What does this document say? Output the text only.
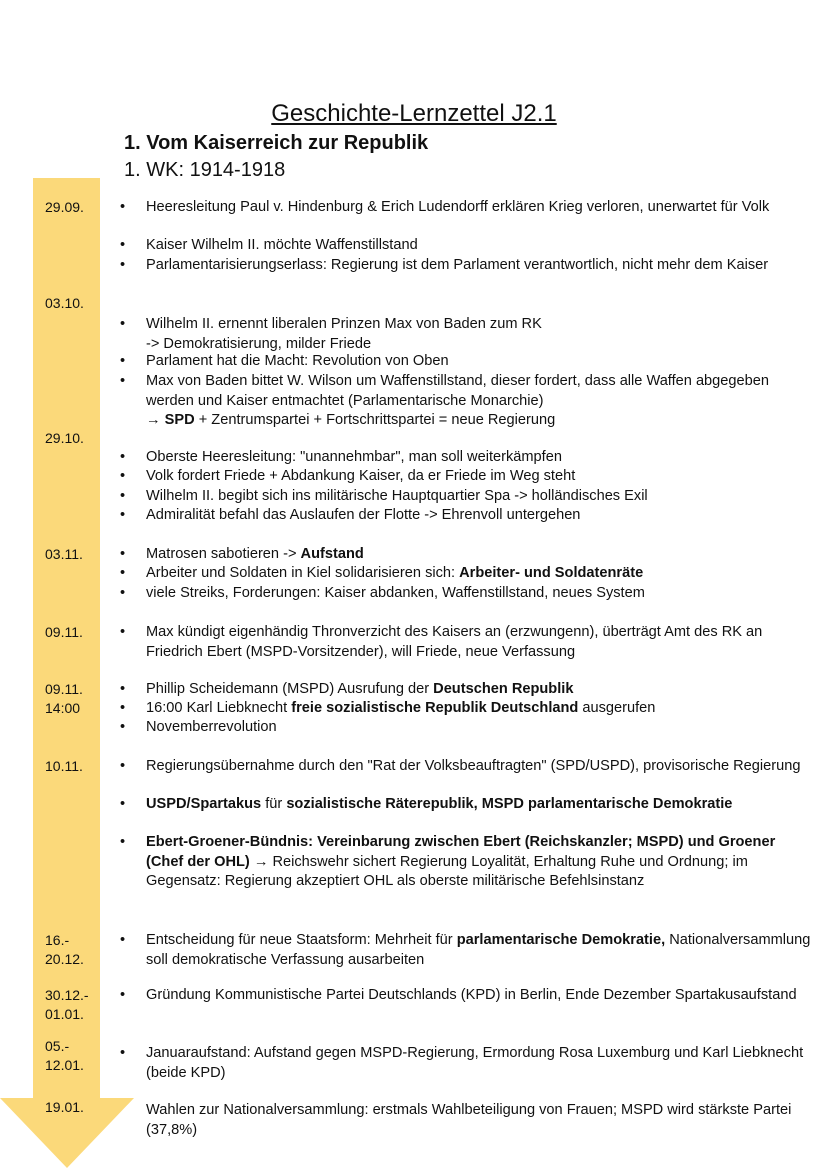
Geschichte-Lernzettel J2.1
1. Vom Kaiserreich zur Republik
1. WK: 1914-1918
29.09. • Heeresleitung Paul v. Hindenburg & Erich Ludendorff erklären Krieg verloren, unerwartet für Volk
• Kaiser Wilhelm II. möchte Waffenstillstand
• Parlamentarisierungserlass: Regierung ist dem Parlament verantwortlich, nicht mehr dem Kaiser
03.10.
• Wilhelm II. ernennt liberalen Prinzen Max von Baden zum RK
-> Demokratisierung, milder Friede
• Parlament hat die Macht: Revolution von Oben
• Max von Baden bittet W. Wilson um Waffenstillstand, dieser fordert, dass alle Waffen abgegeben werden und Kaiser entmachtet (Parlamentarische Monarchie)
→ SPD + Zentrumspartei + Fortschrittspartei = neue Regierung
29.10.
• Oberste Heeresleitung: "unannehmbar", man soll weiterkämpfen
• Volk fordert Friede + Abdankung Kaiser, da er Friede im Weg steht
• Wilhelm II. begibt sich ins militärische Hauptquartier Spa -> holländisches Exil
• Admiralität befahl das Auslaufen der Flotte -> Ehrenvoll untergehen
03.11.	• Matrosen sabotieren -> Aufstand
• Arbeiter und Soldaten in Kiel solidarisieren sich: Arbeiter- und Soldatenräte
• viele Streiks, Forderungen: Kaiser abdanken, Waffenstillstand, neues System
09.11.	• Max kündigt eigenhändig Thronverzicht des Kaisers an (erzwungenn), überträgt Amt des RK an Friedrich Ebert (MSPD-Vorsitzender), will Friede, neue Verfassung
09.11.
14:00
• Phillip Scheidemann (MSPD) Ausrufung der Deutschen Republik
• 16:00 Karl Liebknecht freie sozialistische Republik Deutschland ausgerufen
• Novemberrevolution
10.11.	• Regierungsübernahme durch den "Rat der Volksbeauftragten" (SPD/USPD), provisorische Regierung
• USPD/Spartakus für sozialistische Räterepublik, MSPD parlamentarische Demokratie
• Ebert-Groener-Bündnis: Vereinbarung zwischen Ebert (Reichskanzler; MSPD) und Groener (Chef der OHL) → Reichswehr sichert Regierung Loyalität, Erhaltung Ruhe und Ordnung; im Gegensatz: Regierung akzeptiert OHL als oberste militärische Befehlsinstanz
16.-
20.12.
• Entscheidung für neue Staatsform: Mehrheit für parlamentarische Demokratie, Nationalversammlung soll demokratische Verfassung ausarbeiten
30.12.-
01.01.
• Gründung Kommunistische Partei Deutschlands (KPD) in Berlin, Ende Dezember Spartakusaufstand
05.-
12.01.
• Januaraufstand: Aufstand gegen MSPD-Regierung, Ermordung Rosa Luxemburg und Karl Liebknecht (beide KPD)
19.01.	Wahlen zur Nationalversammlung: erstmals Wahlbeteiligung von Frauen; MSPD wird stärkste Partei (37,8%)
